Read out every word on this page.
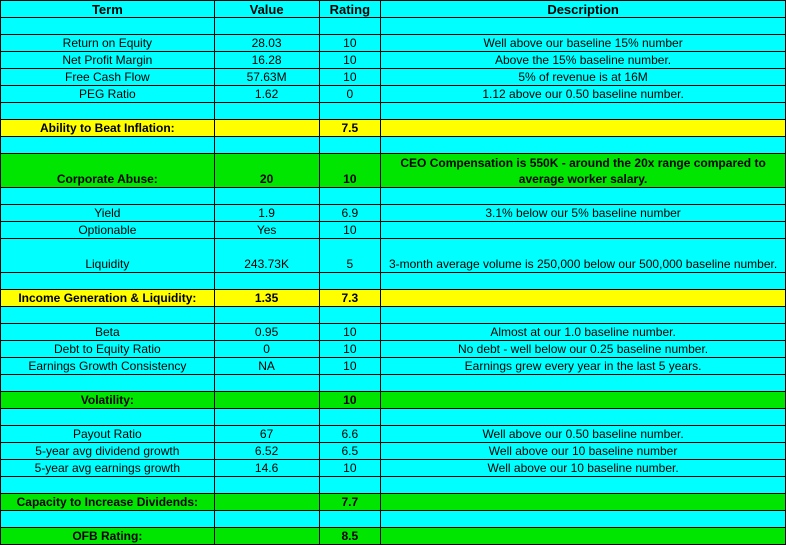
Term	Value	Rating	Description

Return on Equity	28.03	10	Well above our baseline 15% number
Net Profit Margin	16.28	10	Above the 15% baseline number.
Free Cash Flow	57.63M	10	5% of revenue is at 16M
PEG Ratio	1.62	0	1.12 above our 0.50 baseline number.

Ability to Beat Inflation:		7.5	

Corporate Abuse:	20	10	CEO Compensation is 550K - around the 20x range compared to average worker salary.

Yield	1.9	6.9	3.1% below our 5% baseline number
Optionable	Yes	10	
Liquidity	243.73K	5	3-month average volume is 250,000 below our 500,000 baseline number.

Income Generation & Liquidity:	1.35	7.3	

Beta	0.95	10	Almost at our 1.0 baseline number.
Debt to Equity Ratio	0	10	No debt - well below our 0.25 baseline number.
Earnings Growth Consistency	NA	10	Earnings grew every year in the last 5 years.

Volatility:		10	

Payout Ratio	67	6.6	Well above our 0.50 baseline number.
5-year avg dividend growth	6.52	6.5	Well above our 10 baseline number
5-year avg earnings growth	14.6	10	Well above our 10 baseline number.

Capacity to Increase Dividends:		7.7	

OFB Rating:		8.5	
